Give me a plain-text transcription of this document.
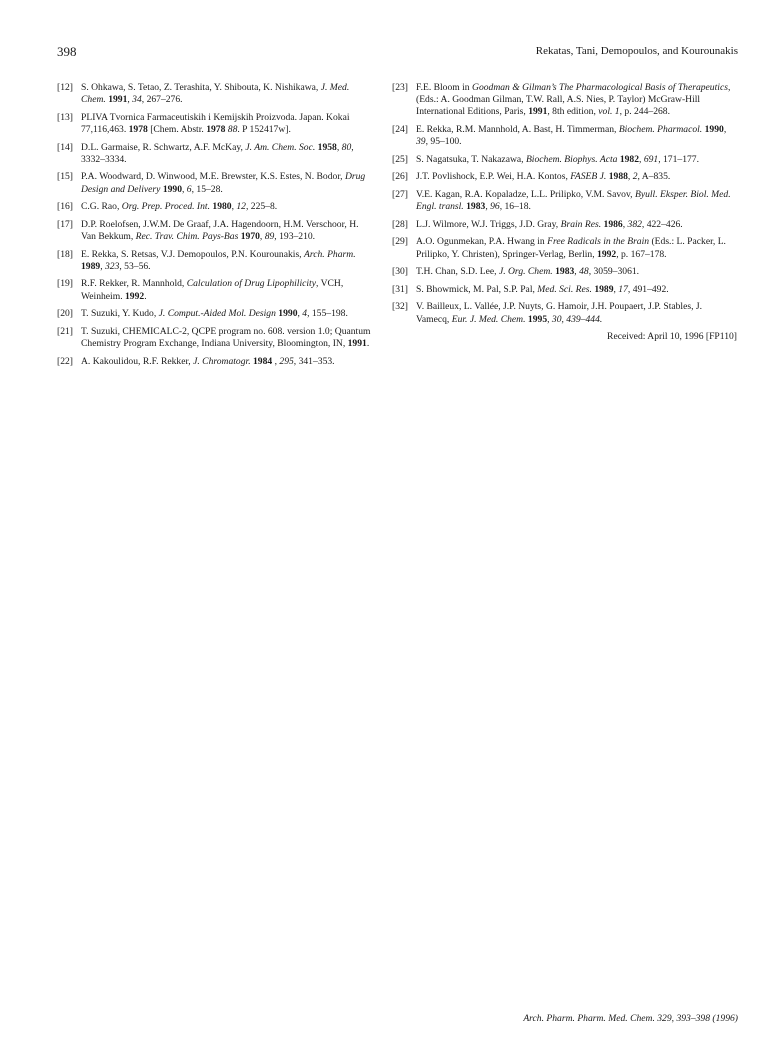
398	Rekatas, Tani, Demopoulos, and Kourounakis
[12] S. Ohkawa, S. Tetao, Z. Terashita, Y. Shibouta, K. Nishikawa, J. Med. Chem. 1991, 34, 267–276.
[13] PLIVA Tvornica Farmaceutiskih i Kemijskih Proizvoda. Japan. Kokai 77,116,463. 1978 [Chem. Abstr. 1978 88. P 152417w].
[14] D.L. Garmaise, R. Schwartz, A.F. McKay, J. Am. Chem. Soc. 1958, 80, 3332–3334.
[15] P.A. Woodward, D. Winwood, M.E. Brewster, K.S. Estes, N. Bodor, Drug Design and Delivery 1990, 6, 15–28.
[16] C.G. Rao, Org. Prep. Proced. Int. 1980, 12, 225–8.
[17] D.P. Roelofsen, J.W.M. De Graaf, J.A. Hagendoorn, H.M. Verschoor, H. Van Bekkum, Rec. Trav. Chim. Pays-Bas 1970, 89, 193–210.
[18] E. Rekka, S. Retsas, V.J. Demopoulos, P.N. Kourounakis, Arch. Pharm. 1989, 323, 53–56.
[19] R.F. Rekker, R. Mannhold, Calculation of Drug Lipophilicity, VCH, Weinheim. 1992.
[20] T. Suzuki, Y. Kudo, J. Comput.-Aided Mol. Design 1990, 4, 155–198.
[21] T. Suzuki, CHEMICALC-2, QCPE program no. 608. version 1.0; Quantum Chemistry Program Exchange, Indiana University, Bloomington, IN, 1991.
[22] A. Kakoulidou, R.F. Rekker, J. Chromatogr. 1984 , 295, 341–353.
[23] F.E. Bloom in Goodman & Gilman’s The Pharmacological Basis of Therapeutics, (Eds.: A. Goodman Gilman, T.W. Rall, A.S. Nies, P. Taylor) McGraw-Hill International Editions, Paris, 1991, 8th edition, vol. 1, p. 244–268.
[24] E. Rekka, R.M. Mannhold, A. Bast, H. Timmerman, Biochem. Pharmacol. 1990, 39, 95–100.
[25] S. Nagatsuka, T. Nakazawa, Biochem. Biophys. Acta 1982, 691, 171–177.
[26] J.T. Povlishock, E.P. Wei, H.A. Kontos, FASEB J. 1988, 2, A–835.
[27] V.E. Kagan, R.A. Kopaladze, L.L. Prilipko, V.M. Savov, Byull. Eksper. Biol. Med. Engl. transl. 1983, 96, 16–18.
[28] L.J. Wilmore, W.J. Triggs, J.D. Gray, Brain Res. 1986, 382, 422–426.
[29] A.O. Ogunmekan, P.A. Hwang in Free Radicals in the Brain (Eds.: L. Packer, L. Prilipko, Y. Christen), Springer-Verlag, Berlin, 1992, p. 167–178.
[30] T.H. Chan, S.D. Lee, J. Org. Chem. 1983, 48, 3059–3061.
[31] S. Bhowmick, M. Pal, S.P. Pal, Med. Sci. Res. 1989, 17, 491–492.
[32] V. Bailleux, L. Vallée, J.P. Nuyts, G. Hamoir, J.H. Poupaert, J.P. Stables, J. Vamecq, Eur. J. Med. Chem. 1995, 30, 439–444.
Received: April 10, 1996 [FP110]
Arch. Pharm. Pharm. Med. Chem. 329, 393–398 (1996)
